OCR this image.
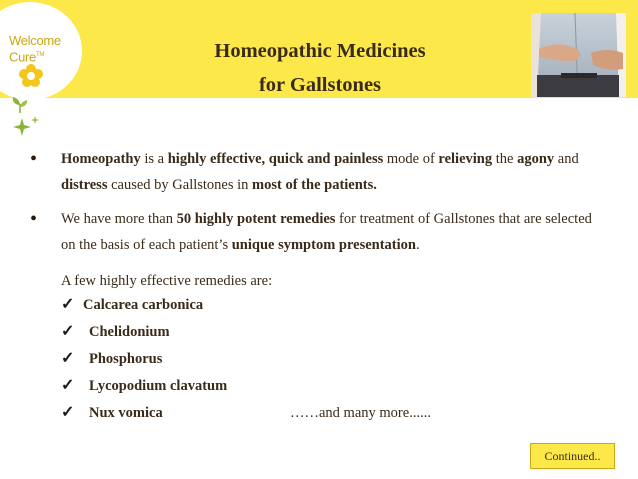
Welcome
Cure™	Homeopathic Medicines
for Gallstones
• Homeopathy is a highly effective, quick and painless mode of relieving the agony and distress caused by Gallstones in most of the patients.
• We have more than 50 highly potent remedies for treatment of Gallstones that are selected on the basis of each patient’s unique symptom presentation.
A few highly effective remedies are:
✓ Calcarea carbonica
✓ Chelidonium
✓ Phosphorus
✓ Lycopodium clavatum
✓ Nux vomica	……and many more......
Continued..
